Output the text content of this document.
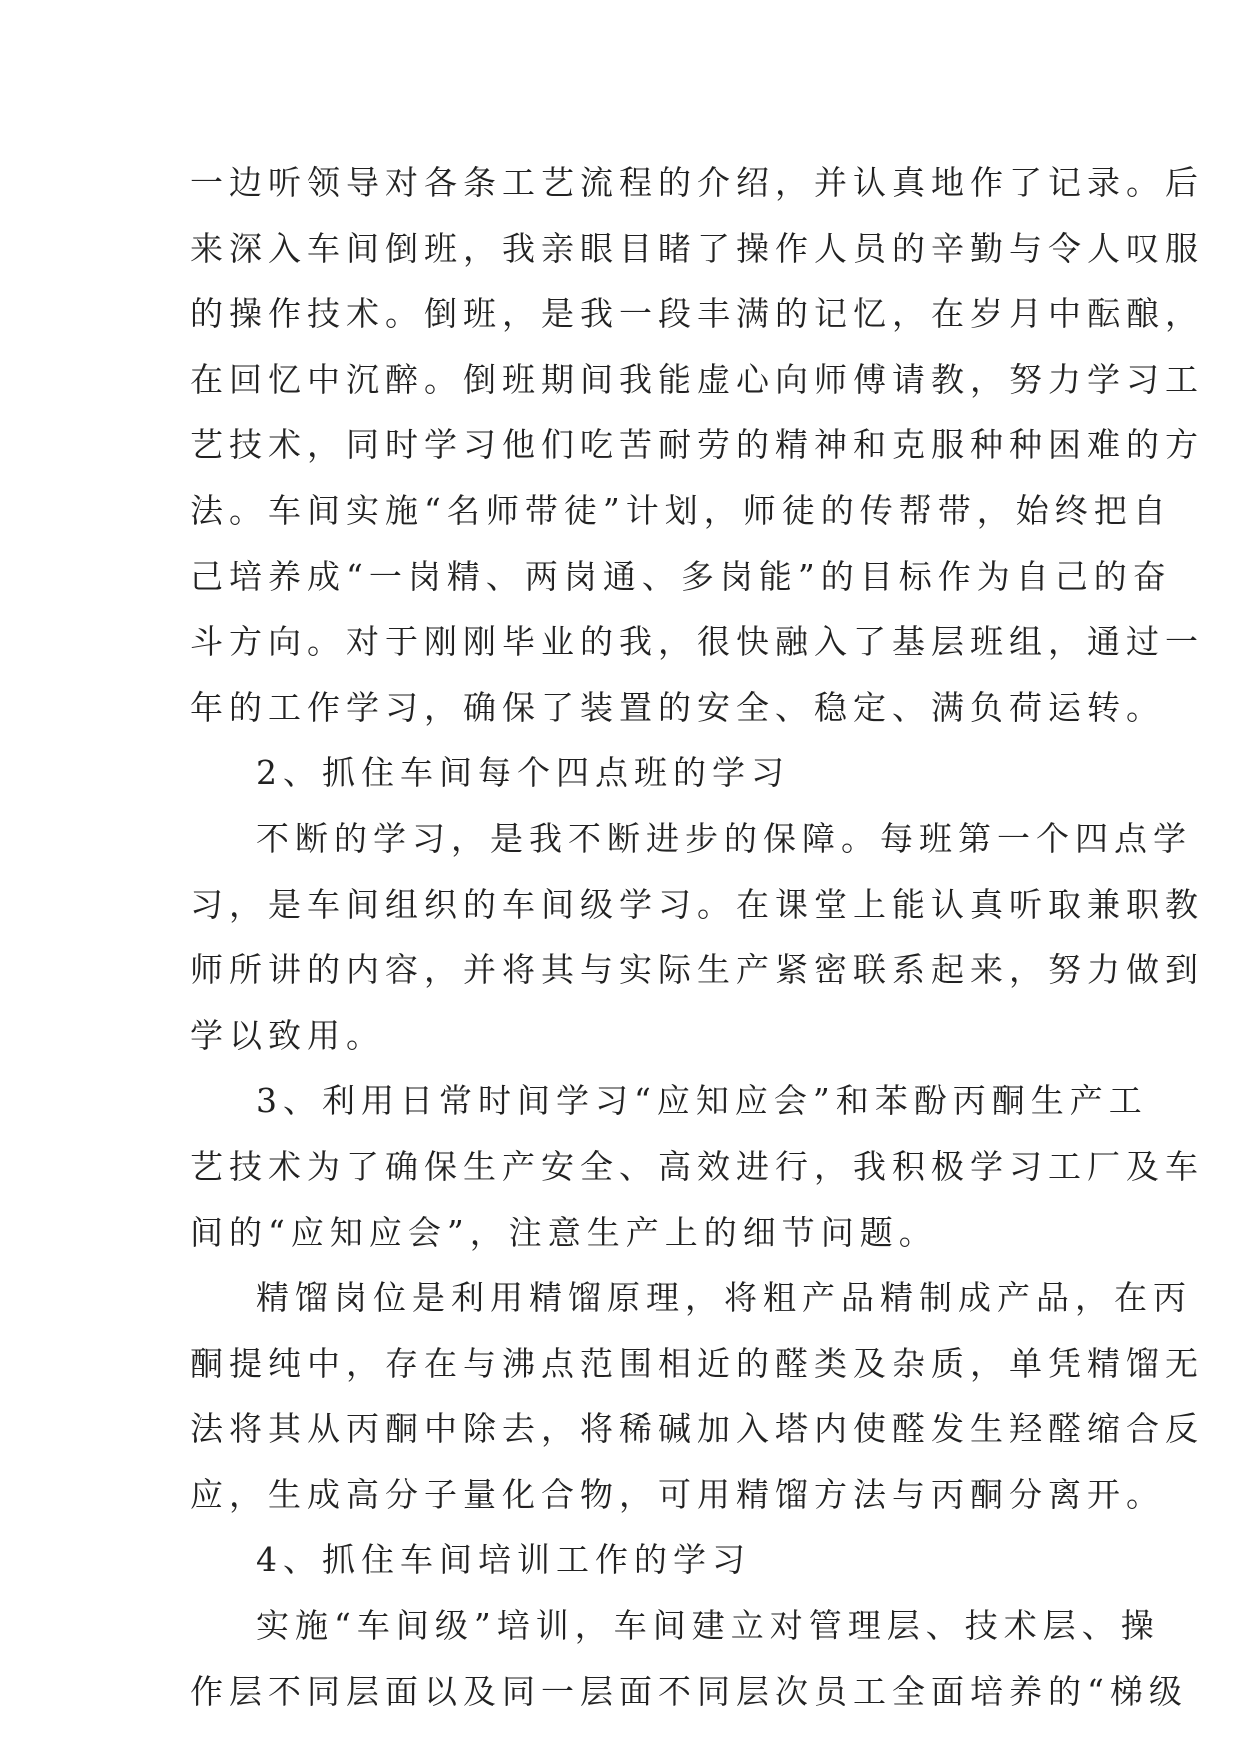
一边听领导对各条工艺流程的介绍，并认真地作了记录。后
来深入车间倒班，我亲眼目睹了操作人员的辛勤与令人叹服
的操作技术。倒班，是我一段丰满的记忆，在岁月中酝酿，
在回忆中沉醉。倒班期间我能虚心向师傅请教，努力学习工
艺技术，同时学习他们吃苦耐劳的精神和克服种种困难的方
法。车间实施“名师带徒”计划，师徒的传帮带，始终把自
己培养成“一岗精、两岗通、多岗能”的目标作为自己的奋
斗方向。对于刚刚毕业的我，很快融入了基层班组，通过一
年的工作学习，确保了装置的安全、稳定、满负荷运转。
2、抓住车间每个四点班的学习
不断的学习，是我不断进步的保障。每班第一个四点学
习，是车间组织的车间级学习。在课堂上能认真听取兼职教
师所讲的内容，并将其与实际生产紧密联系起来，努力做到
学以致用。
3、利用日常时间学习“应知应会”和苯酚丙酮生产工
艺技术为了确保生产安全、高效进行，我积极学习工厂及车
间的“应知应会”，注意生产上的细节问题。
精馏岗位是利用精馏原理，将粗产品精制成产品，在丙
酮提纯中，存在与沸点范围相近的醛类及杂质，单凭精馏无
法将其从丙酮中除去，将稀碱加入塔内使醛发生羟醛缩合反
应，生成高分子量化合物，可用精馏方法与丙酮分离开。
4、抓住车间培训工作的学习
实施“车间级”培训，车间建立对管理层、技术层、操
作层不同层面以及同一层面不同层次员工全面培养的“梯级
